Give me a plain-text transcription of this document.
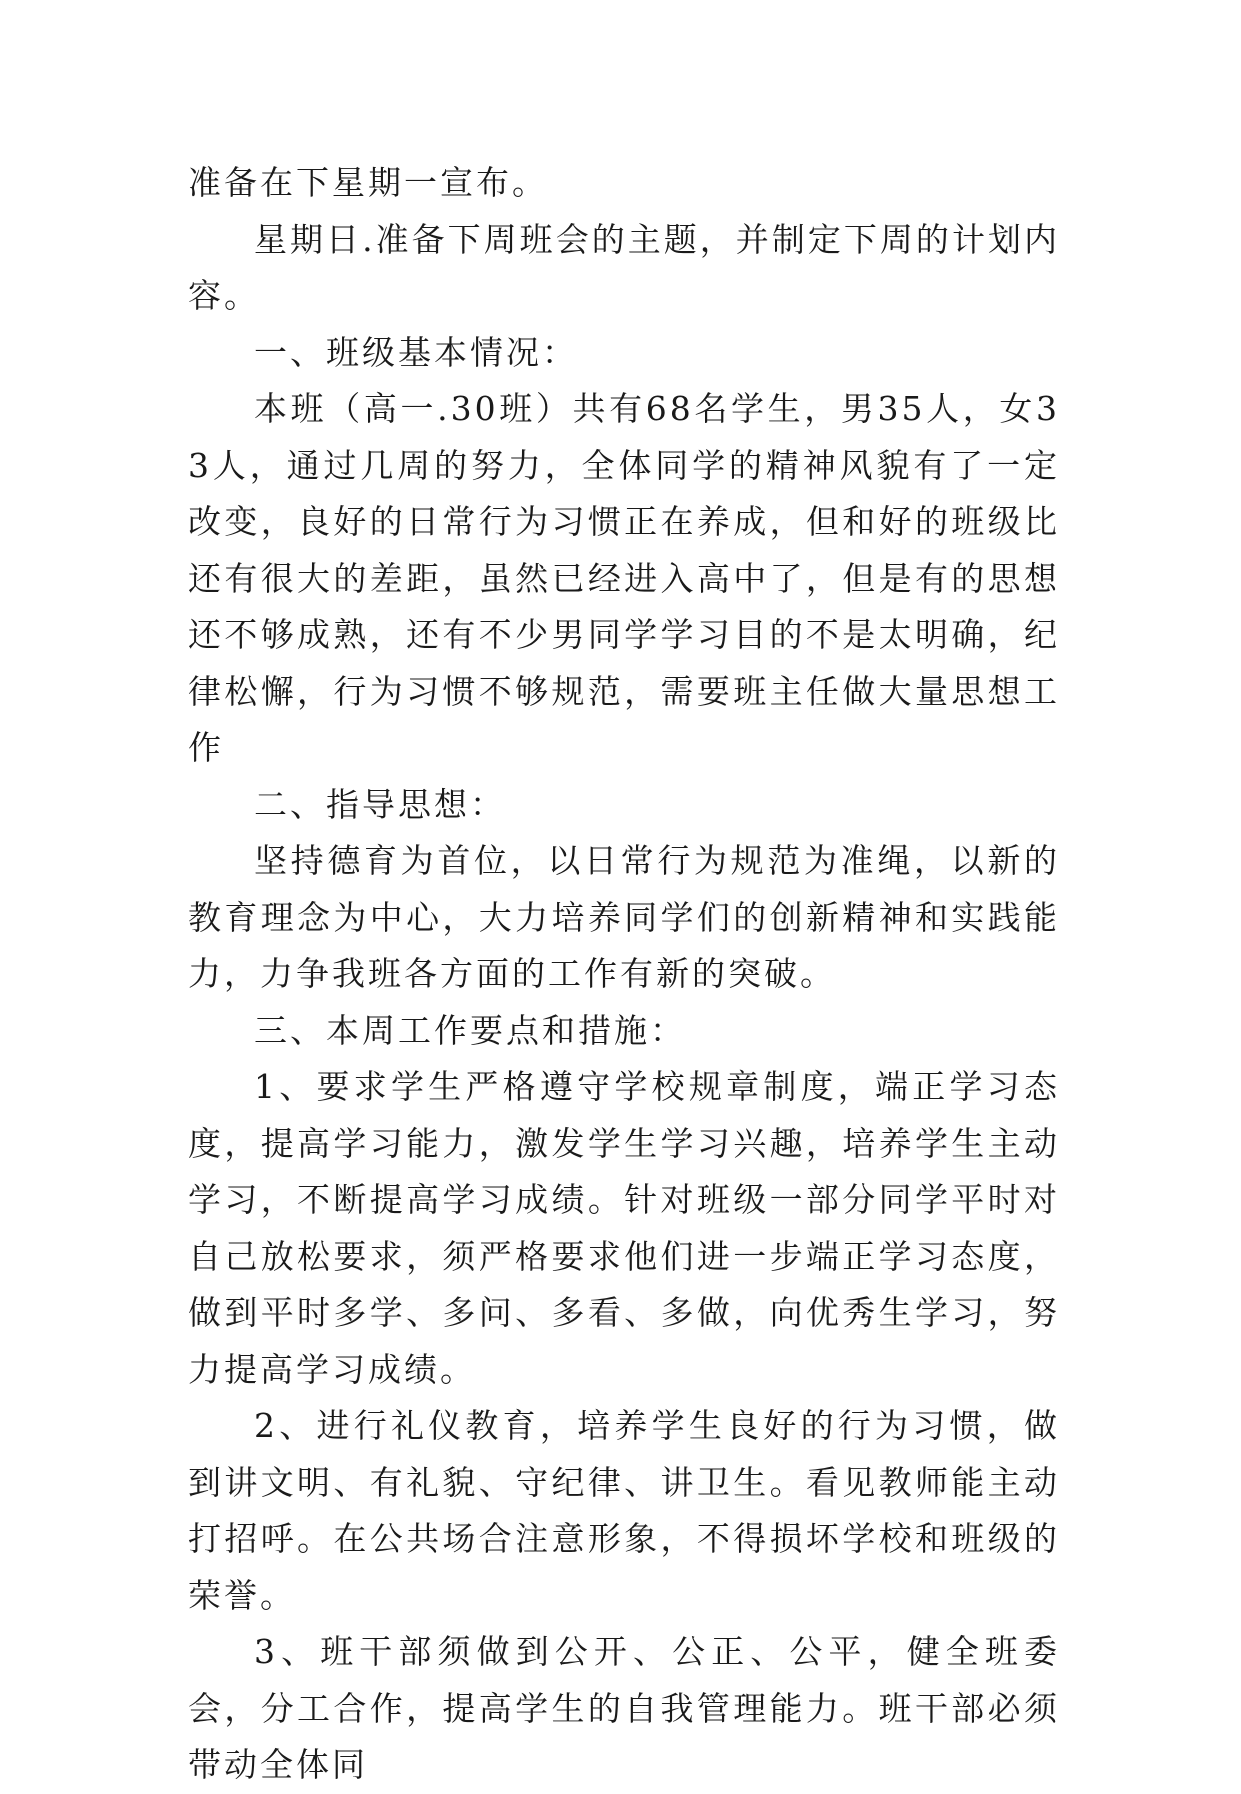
准备在下星期一宣布。

星期日.准备下周班会的主题，并制定下周的计划内容。

一、班级基本情况：

本班（高一.30班）共有68名学生，男35人，女33人，通过几周的努力，全体同学的精神风貌有了一定改变，良好的日常行为习惯正在养成，但和好的班级比还有很大的差距，虽然已经进入高中了，但是有的思想还不够成熟，还有不少男同学学习目的不是太明确，纪律松懈，行为习惯不够规范，需要班主任做大量思想工作

二、指导思想：

坚持德育为首位，以日常行为规范为准绳，以新的教育理念为中心，大力培养同学们的创新精神和实践能力，力争我班各方面的工作有新的突破。

三、本周工作要点和措施：

1、要求学生严格遵守学校规章制度，端正学习态度，提高学习能力，激发学生学习兴趣，培养学生主动学习，不断提高学习成绩。针对班级一部分同学平时对自己放松要求，须严格要求他们进一步端正学习态度，做到平时多学、多问、多看、多做，向优秀生学习，努力提高学习成绩。

2、进行礼仪教育，培养学生良好的行为习惯，做到讲文明、有礼貌、守纪律、讲卫生。看见教师能主动打招呼。在公共场合注意形象，不得损坏学校和班级的荣誉。

3、班干部须做到公开、公正、公平，健全班委会，分工合作，提高学生的自我管理能力。班干部必须带动全体同
